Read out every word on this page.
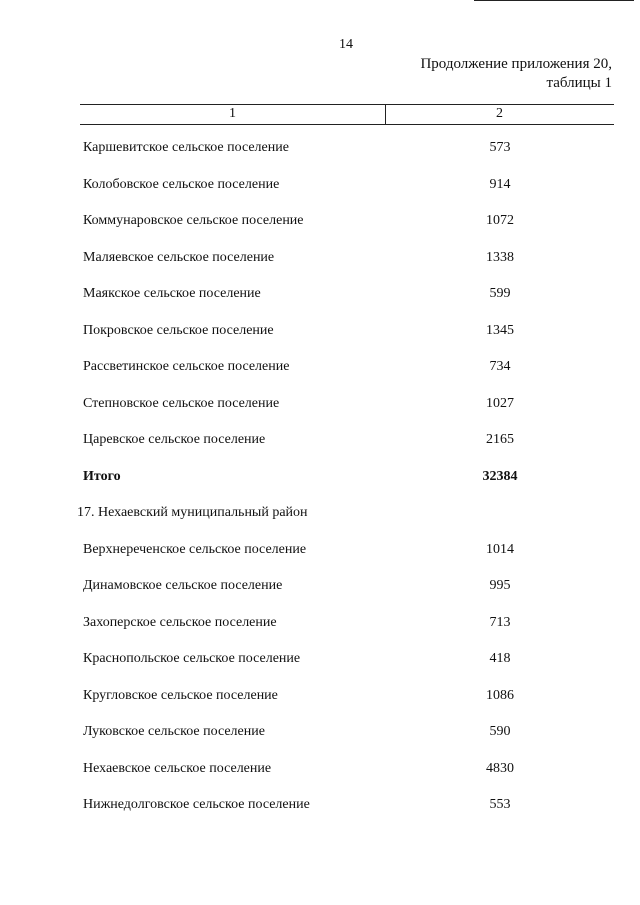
14
Продолжение приложения 20,
таблицы 1
1	2
Каршевитское сельское поселение	573
Колобовское сельское поселение	914
Коммунаровское сельское поселение	1072
Маляевское сельское поселение	1338
Маякское сельское поселение	599
Покровское сельское поселение	1345
Рассветинское сельское поселение	734
Степновское сельское поселение	1027
Царевское сельское поселение	2165
Итого	32384
17. Нехаевский муниципальный район
Верхнереченское сельское поселение	1014
Динамовское сельское поселение	995
Захоперское сельское поселение	713
Краснопольское сельское поселение	418
Кругловское сельское поселение	1086
Луковское сельское поселение	590
Нехаевское сельское поселение	4830
Нижнедолговское сельское поселение	553
